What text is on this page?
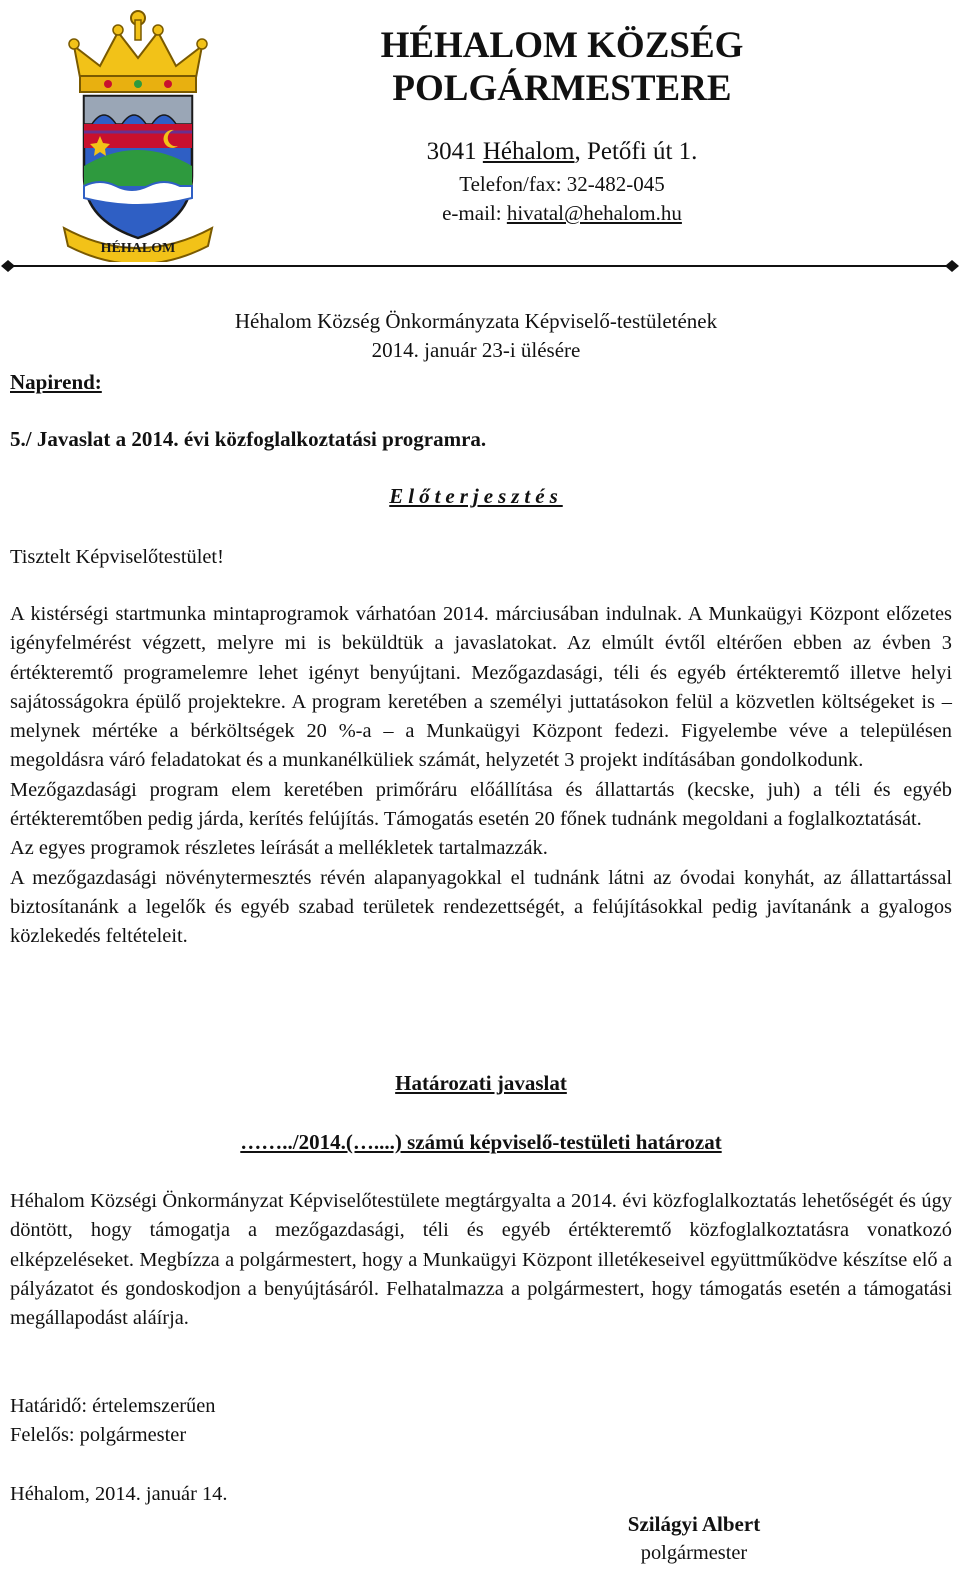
HÉHALOM
HÉHALOM KÖZSÉG
POLGÁRMESTERE
3041 Héhalom, Petőfi út 1.
Telefon/fax: 32-482-045
e-mail: hivatal@hehalom.hu
Héhalom Község Önkormányzata Képviselő-testületének
2014. január 23-i ülésére
Napirend:
5./ Javaslat a 2014. évi közfoglalkoztatási programra.
Előterjesztés
Tisztelt Képviselőtestület!

A kistérségi startmunka mintaprogramok várhatóan 2014. márciusában indulnak. A Munkaügyi Központ előzetes igényfelmérést végzett, melyre mi is beküldtük a javaslatokat. Az elmúlt évtől eltérően ebben az évben 3 értékteremtő programelemre lehet igényt benyújtani. Mezőgazdasági, téli és egyéb értékteremtő illetve helyi sajátosságokra épülő projektekre. A program keretében a személyi juttatásokon felül a közvetlen költségeket is – melynek mértéke a bérköltségek 20 %-a – a Munkaügyi Központ fedezi. Figyelembe véve a településen megoldásra váró feladatokat és a munkanélküliek számát, helyzetét 3 projekt indításában gondolkodunk.

Mezőgazdasági program elem keretében primőráru előállítása és állattartás (kecske, juh) a téli és egyéb értékteremtőben pedig járda, kerítés felújítás. Támogatás esetén 20 főnek tudnánk megoldani a foglalkoztatását.

Az egyes programok részletes leírását a mellékletek tartalmazzák.

A mezőgazdasági növénytermesztés révén alapanyagokkal el tudnánk látni az óvodai konyhát, az állattartással biztosítanánk a legelők és egyéb szabad területek rendezettségét, a felújításokkal pedig javítanánk a gyalogos közlekedés feltételeit.

Határozati javaslat
……../2014.(…....) számú képviselő-testületi határozat

Héhalom Községi Önkormányzat Képviselőtestülete megtárgyalta a 2014. évi közfoglalkoztatás lehetőségét és úgy döntött, hogy támogatja a mezőgazdasági, téli és egyéb értékteremtő közfoglalkoztatásra vonatkozó elképzeléseket. Megbízza a polgármestert, hogy a Munkaügyi Központ illetékeseivel együttműködve készítse elő a pályázatot és gondoskodjon a benyújtásáról. Felhatalmazza a polgármestert, hogy támogatás esetén a támogatási megállapodást aláírja.

Határidő: értelemszerűen
Felelős: polgármester
Héhalom, 2014. január 14.
Szilágyi Albert
polgármester
